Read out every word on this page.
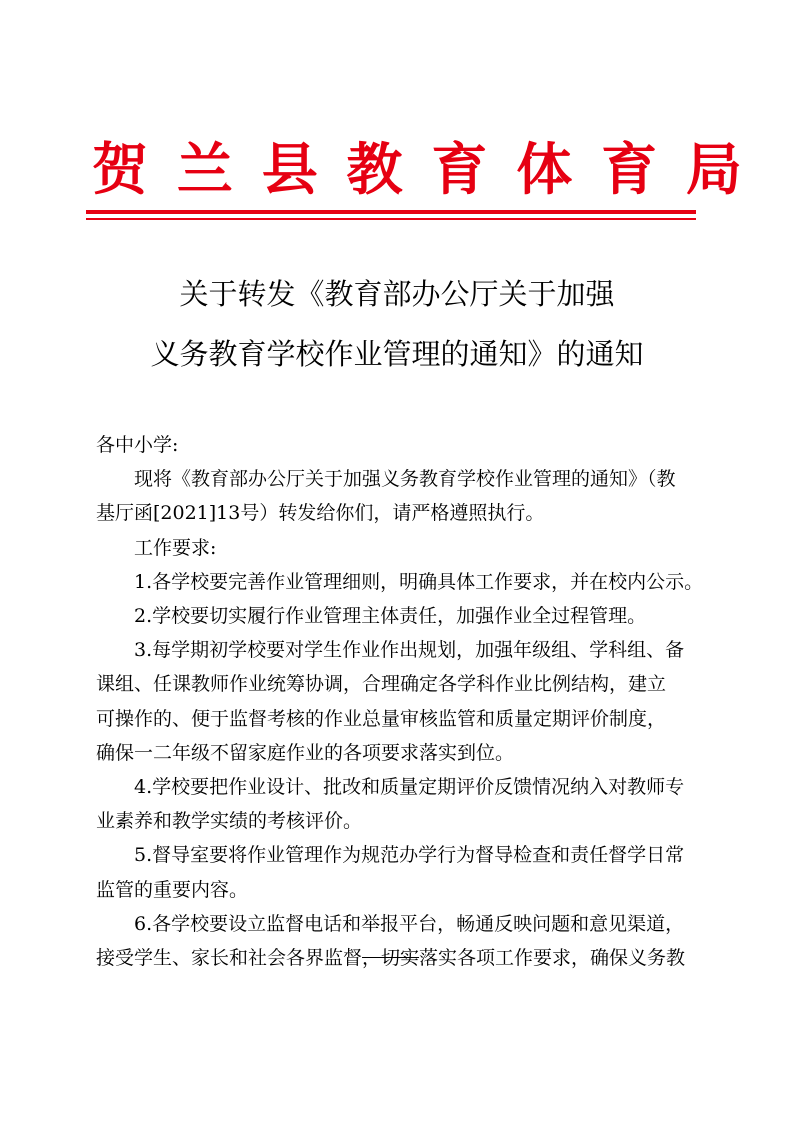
贺 兰 县 教 育 体 育 局
关于转发《教育部办公厅关于加强
义务教育学校作业管理的通知》的通知

各中小学:

现将《教育部办公厅关于加强义务教育学校作业管理的通知》（教

基厅函[2021]13号）转发给你们，请严格遵照执行。

工作要求:

1.各学校要完善作业管理细则，明确具体工作要求，并在校内公示。

2.学校要切实履行作业管理主体责任，加强作业全过程管理。

3.每学期初学校要对学生作业作出规划，加强年级组、学科组、备

课组、任课教师作业统筹协调，合理确定各学科作业比例结构，建立

可操作的、便于监督考核的作业总量审核监管和质量定期评价制度，

确保一二年级不留家庭作业的各项要求落实到位。

4.学校要把作业设计、批改和质量定期评价反馈情况纳入对教师专

业素养和教学实绩的考核评价。

5.督导室要将作业管理作为规范办学行为督导检查和责任督学日常

监管的重要内容。

6.各学校要设立监督电话和举报平台，畅通反映问题和意见渠道，

接受学生、家长和社会各界监督，切实落实各项工作要求，确保义务教
